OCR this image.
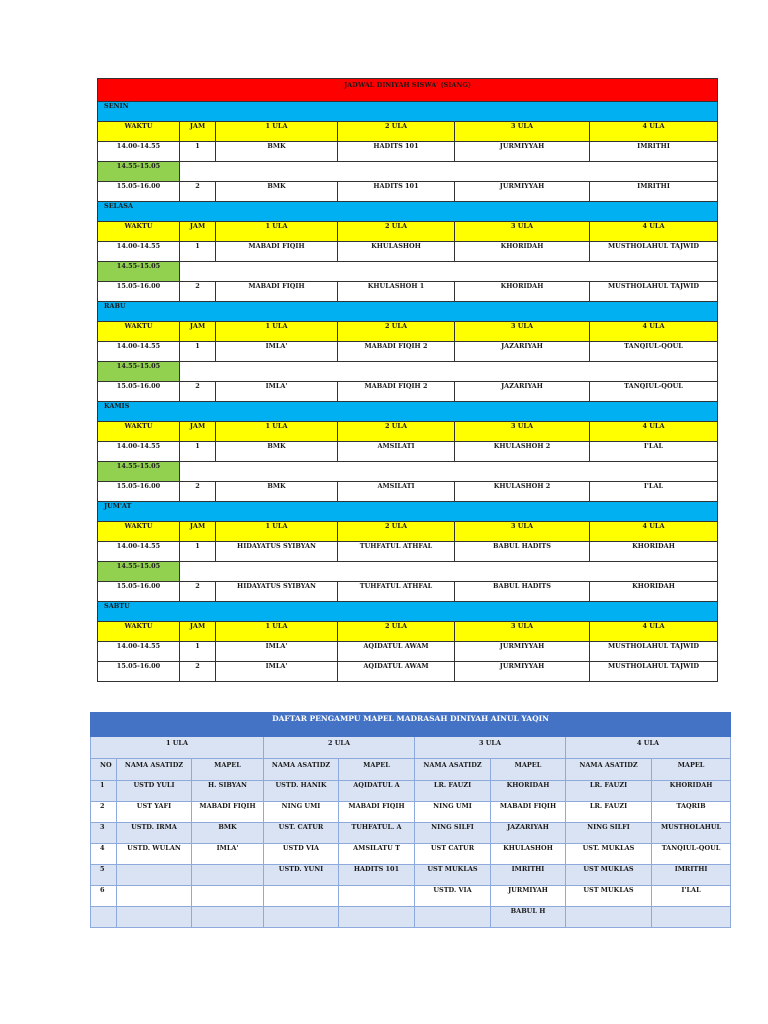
JADWAL DINIYAH SISWA' (SIANG)					
SENIN					
WAKTU	JAM	1 ULA	2 ULA	3 ULA	4 ULA
14.00-14.55	1	BMK	HADITS 101	JURMIYYAH	IMRITHI
14.55-15.05					
15.05-16.00	2	BMK	HADITS 101	JURMIYYAH	IMRITHI
SELASA					
WAKTU	JAM	1 ULA	2 ULA	3 ULA	4 ULA
14.00-14.55	1	MABADI FIQIH	KHULASHOH	KHORIDAH	MUSTHOLAHUL TAJWID
14.55-15.05					
15.05-16.00	2	MABADI FIQIH	KHULASHOH 1	KHORIDAH	MUSTHOLAHUL TAJWID
RABU					
WAKTU	JAM	1 ULA	2 ULA	3 ULA	4 ULA
14.00-14.55	1	IMLA'	MABADI FIQIH 2	JAZARIYAH	TANQIUL-QOUL
14.55-15.05					
15.05-16.00	2	IMLA'	MABADI FIQIH 2	JAZARIYAH	TANQIUL-QOUL
KAMIS					
WAKTU	JAM	1 ULA	2 ULA	3 ULA	4 ULA
14.00-14.55	1	BMK	AMSILATI	KHULASHOH 2	I'LAL
14.55-15.05					
15.05-16.00	2	BMK	AMSILATI	KHULASHOH 2	I'LAL
JUM'AT					
WAKTU	JAM	1 ULA	2 ULA	3 ULA	4 ULA
14.00-14.55	1	HIDAYATUS SYIBYAN	TUHFATUL ATHFAL	BABUL HADITS	KHORIDAH
14.55-15.05					
15.05-16.00	2	HIDAYATUS SYIBYAN	TUHFATUL ATHFAL	BABUL HADITS	KHORIDAH
SABTU					
WAKTU	JAM	1 ULA	2 ULA	3 ULA	4 ULA
14.00-14.55	1	IMLA'	AQIDATUL AWAM	JURMIYYAH	MUSTHOLAHUL TAJWID
15.05-16.00	2	IMLA'	AQIDATUL AWAM	JURMIYYAH	MUSTHOLAHUL TAJWID
DAFTAR PENGAMPU MAPEL MADRASAH DINIYAH AINUL YAQIN								
1 ULA			2 ULA		3 ULA		4 ULA	
NO	NAMA ASATIDZ	MAPEL	NAMA ASATIDZ	MAPEL	NAMA ASATIDZ	MAPEL	NAMA ASATIDZ	MAPEL
1	USTD YULI	H. SIBYAN	USTD. HANIK	AQIDATUL A	LR. FAUZI	KHORIDAH	LR. FAUZI	KHORIDAH
2	UST YAFI	MABADI FIQIH	NING UMI	MABADI FIQIH	NING UMI	MABADI FIQIH	LR. FAUZI	TAQRIB
3	USTD. IRMA	BMK	UST. CATUR	TUHFATUL. A	NING SILFI	JAZARIYAH	NING SILFI	MUSTHOLAHUL
4	USTD. WULAN	IMLA'	USTD VIA	AMSILATU T	UST CATUR	KHULASHOH	UST. MUKLAS	TANQIUL-QOUL
5			USTD. YUNI	HADITS 101	UST MUKLAS	IMRITHI	UST MUKLAS	IMRITHI
6					USTD. VIA	JURMIYAH	UST MUKLAS	I'LAL
						BABUL H		
